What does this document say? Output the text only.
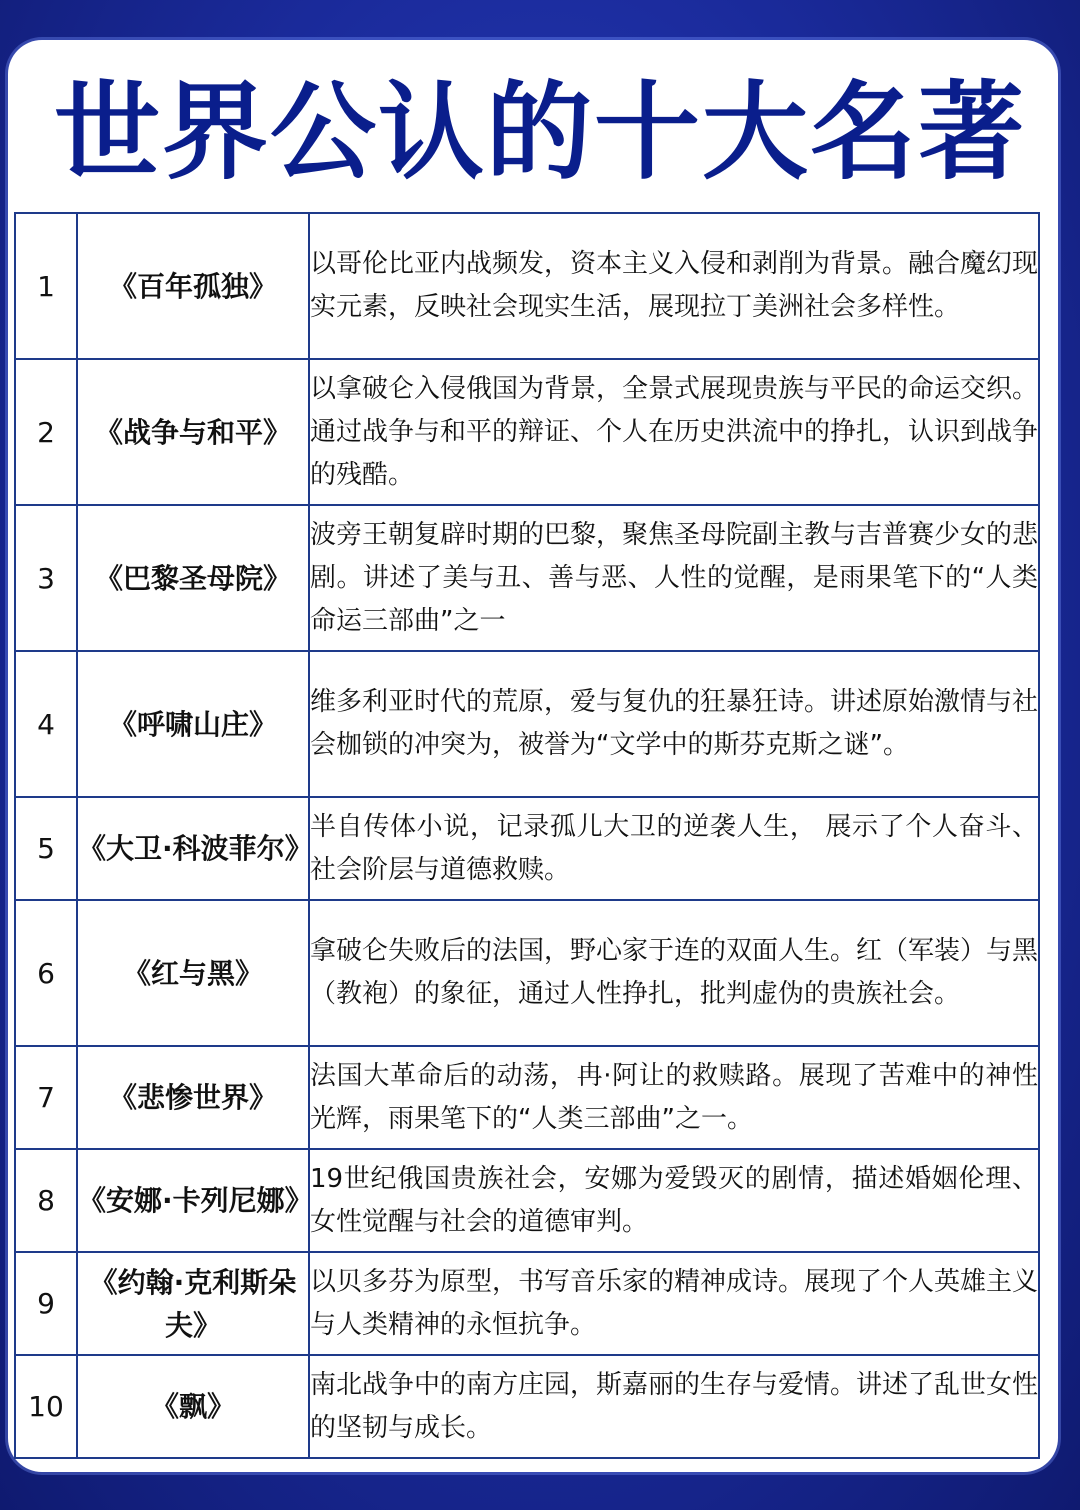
世界公认的十大名著
1	《百年孤独》	以哥伦比亚内战频发，资本主义入侵和剥削为背景。融合魔幻现实元素，反映社会现实生活，展现拉丁美洲社会多样性。
2	《战争与和平》	以拿破仑入侵俄国为背景，全景式展现贵族与平民的命运交织。通过战争与和平的辩证、个人在历史洪流中的挣扎，认识到战争的残酷。
3	《巴黎圣母院》	波旁王朝复辟时期的巴黎，聚焦圣母院副主教与吉普赛少女的悲剧。讲述了美与丑、善与恶、人性的觉醒，是雨果笔下的“人类命运三部曲”之一
4	《呼啸山庄》	维多利亚时代的荒原，爱与复仇的狂暴狂诗。讲述原始激情与社会枷锁的冲突为，被誉为“文学中的斯芬克斯之谜”。
5	《大卫·科波菲尔》	半自传体小说，记录孤儿大卫的逆袭人生， 展示了个人奋斗、社会阶层与道德救赎。
6	《红与黑》	拿破仑失败后的法国，野心家于连的双面人生。红（军装）与黑（教袍）的象征，通过人性挣扎，批判虚伪的贵族社会。
7	《悲惨世界》	法国大革命后的动荡，冉·阿让的救赎路。展现了苦难中的神性光辉，雨果笔下的“人类三部曲”之一。
8	《安娜·卡列尼娜》	19世纪俄国贵族社会，安娜为爱毁灭的剧情，描述婚姻伦理、女性觉醒与社会的道德审判。
9	《约翰·克利斯朵夫》	以贝多芬为原型，书写音乐家的精神成诗。展现了个人英雄主义与人类精神的永恒抗争。
10	《飘》	南北战争中的南方庄园，斯嘉丽的生存与爱情。讲述了乱世女性的坚韧与成长。
